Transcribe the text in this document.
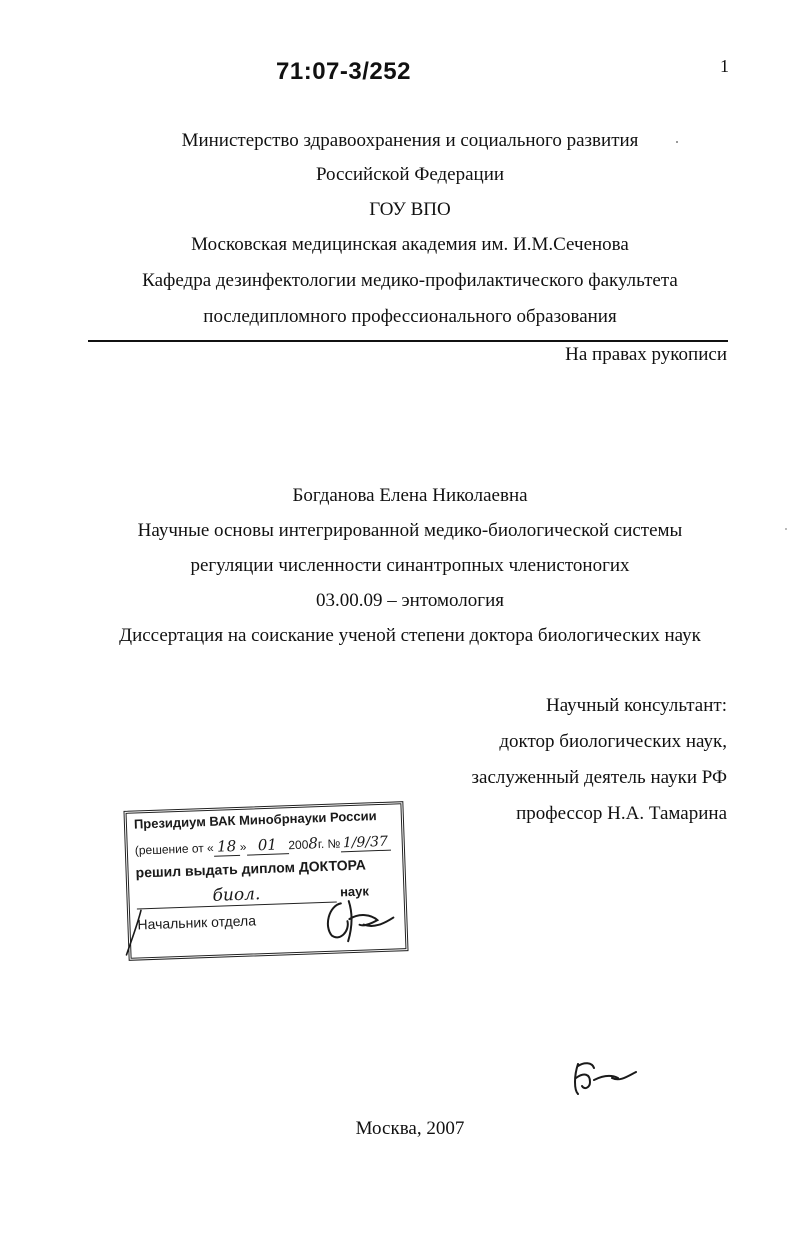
71:07-3/252	1
Министерство здравоохранения и социального развития
Российской Федерации
ГОУ ВПО
Московская медицинская академия им. И.М.Сеченова
Кафедра дезинфектологии медико-профилактического факультета
последипломного профессионального образования
На правах рукописи
Богданова Елена Николаевна
Научные основы интегрированной медико-биологической системы
регуляции численности синантропных членистоногих
03.00.09 – энтомология
Диссертация на соискание ученой степени доктора биологических наук
Научный консультант:
доктор биологических наук,
заслуженный деятель науки РФ
профессор Н.А. Тамарина
Президиум ВАК Минобрнауки России
(решение от « 18 » 01 2008г. № 1/9/37
решил выдать диплом ДОКТОРА
биол.	наук
Начальник отдела
Москва, 2007
